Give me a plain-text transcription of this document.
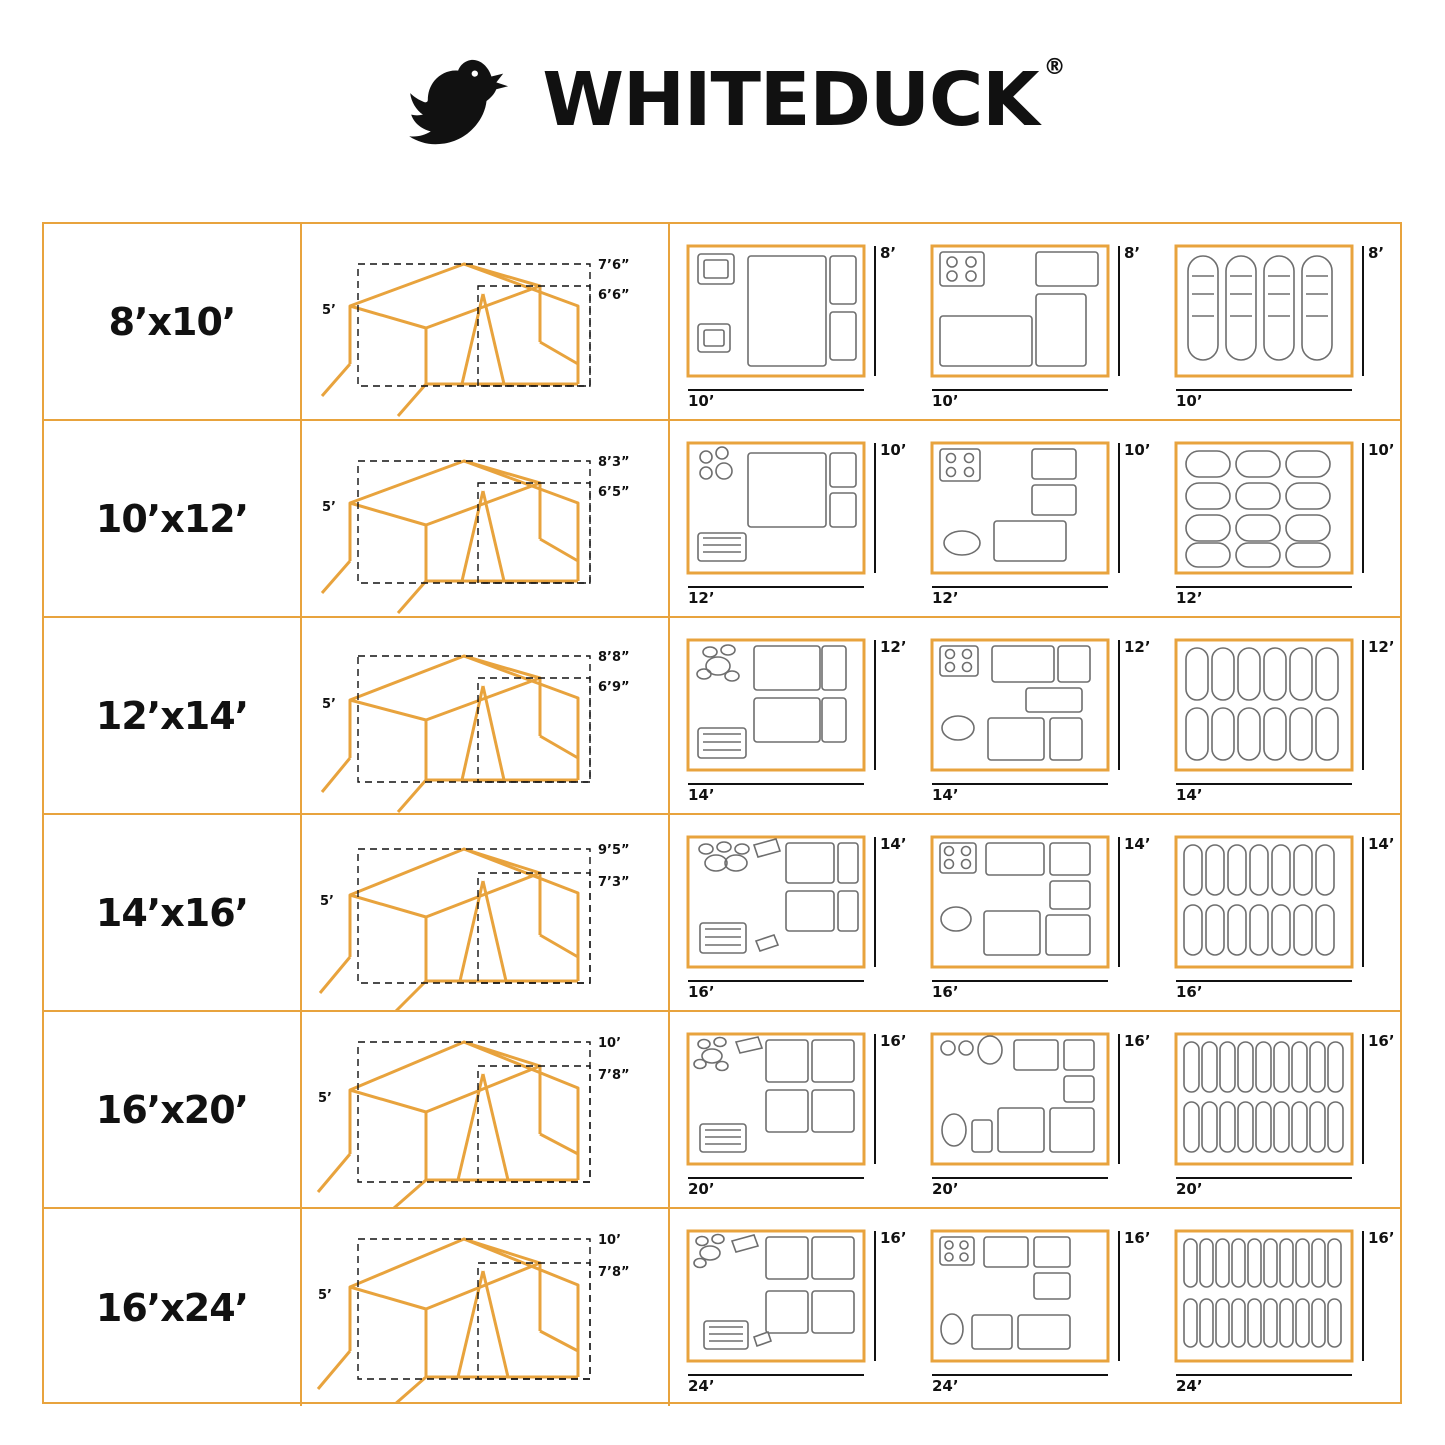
WHITEDUCK ®
8’x10’
7’6”
6’6”
5’
8’
10’
8’
10’
8’
10’
10’x12’
8’3”
6’5”
5’
10’
12’
10’
12’
10’
12’
12’x14’
8’8”
6’9”
5’
12’
14’
12’
14’
12’
14’
14’x16’
9’5”
7’3”
5’
14’
16’
14’
16’
14’
16’
16’x20’
10’
7’8”
5’
16’
20’
16’
20’
16’
20’
16’x24’
10’
7’8”
5’
16’
24’
16’
24’
16’
24’
